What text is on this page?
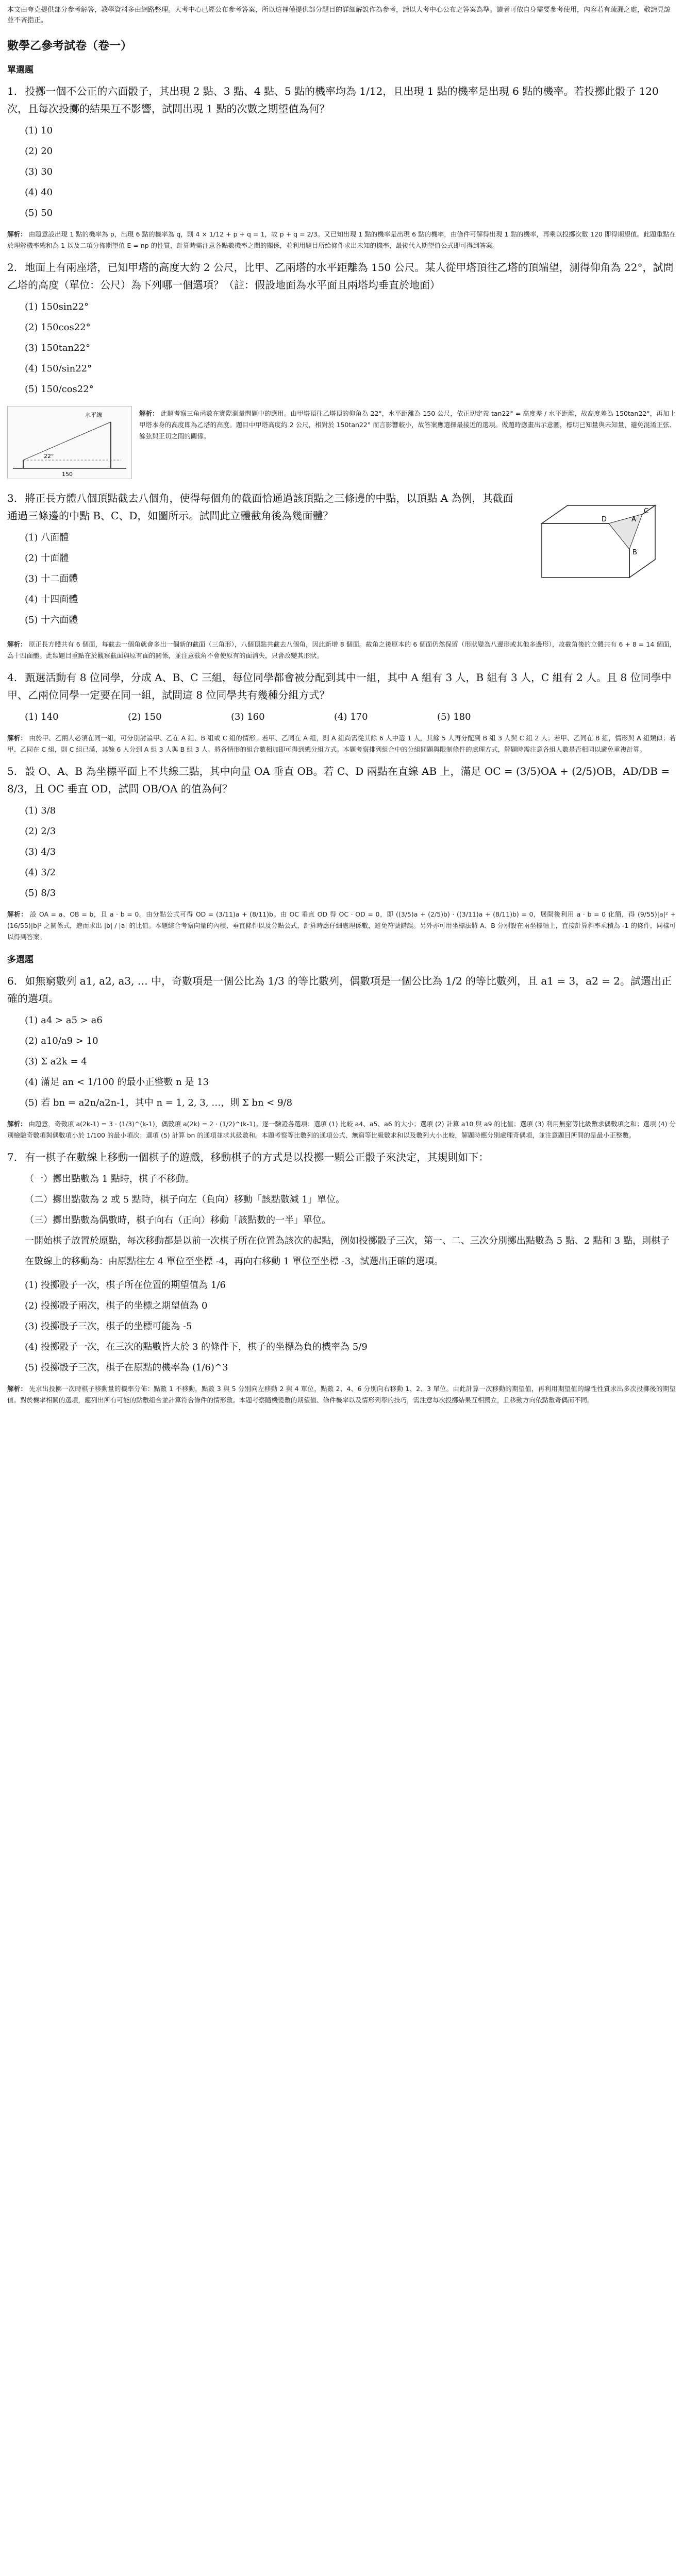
本文由夸克提供部分參考解答，教學資料多由網路整理。大考中心已經公布參考答案，所以這裡僅提供部分題目的詳細解說作為參考，請以大考中心公布之答案為準。讀者可依自身需要參考使用，內容若有疏漏之處，敬請見諒並不吝指正。
數學乙參考試卷（卷一）
單選題
1. 投擲一個不公正的六面骰子，其出現 2 點、3 點、4 點、5 點的機率均為 1/12，且出現 1 點的機率是出現 6 點的機率。若投擲此骰子 120 次，且每次投擲的結果互不影響，試問出現 1 點的次數之期望值為何？
(1) 10
(2) 20
(3) 30
(4) 40
(5) 50
解析： 由題意設出現 1 點的機率為 p，出現 6 點的機率為 q，則 4 × 1/12 + p + q = 1，故 p + q = 2/3。又已知出現 1 點的機率是出現 6 點的機率，由條件可解得出現 1 點的機率，再乘以投擲次數 120 即得期望值。此題重點在於理解機率總和為 1 以及二項分佈期望值 E = np 的性質，計算時需注意各點數機率之間的關係，並利用題目所給條件求出未知的機率，最後代入期望值公式即可得到答案。
2. 地面上有兩座塔，已知甲塔的高度大約 2 公尺，比甲、乙兩塔的水平距離為 150 公尺。某人從甲塔頂往乙塔的頂端望，測得仰角為 22°，試問乙塔的高度（單位：公尺）為下列哪一個選項？（註：假設地面為水平面且兩塔均垂直於地面）
(1) 150sin22°
(2) 150cos22°
(3) 150tan22°
(4) 150/sin22°
(5) 150/cos22°
22°
150
水平線	解析： 此題考察三角函數在實際測量問題中的應用。由甲塔頂往乙塔頂的仰角為 22°，水平距離為 150 公尺，依正切定義 tan22° = 高度差 / 水平距離，故高度差為 150tan22°，再加上甲塔本身的高度即為乙塔的高度。題目中甲塔高度約 2 公尺，相對於 150tan22° 而言影響較小，故答案應選擇最接近的選項。做題時應畫出示意圖，標明已知量與未知量，避免混淆正弦、餘弦與正切之間的關係。
3. 將正長方體八個頂點截去八個角，使得每個角的截面恰通過該頂點之三條邊的中點，以頂點 A 為例，其截面通過三條邊的中點 B、C、D，如圖所示。試問此立體截角後為幾面體？
(1) 八面體
(2) 十面體
(3) 十二面體
(4) 十四面體
(5) 十六面體
A
B
C
D
解析： 原正長方體共有 6 個面，每截去一個角就會多出一個新的截面（三角形），八個頂點共截去八個角，因此新增 8 個面。截角之後原本的 6 個面仍然保留（形狀變為八邊形或其他多邊形），故截角後的立體共有 6 + 8 = 14 個面，為十四面體。此類題目重點在於觀察截面與原有面的關係，並注意截角不會使原有的面消失，只會改變其形狀。
4. 甄選活動有 8 位同學，分成 A、B、C 三組，每位同學都會被分配到其中一組，其中 A 組有 3 人，B 組有 3 人，C 組有 2 人。且 8 位同學中甲、乙兩位同學一定要在同一組，試問這 8 位同學共有幾種分組方式？
(1) 140	(2) 150	(3) 160	(4) 170	(5) 180
解析： 由於甲、乙兩人必須在同一組，可分別討論甲、乙在 A 組、B 組或 C 組的情形。若甲、乙同在 A 組，則 A 組尚需從其餘 6 人中選 1 人，其餘 5 人再分配到 B 組 3 人與 C 組 2 人；若甲、乙同在 B 組，情形與 A 組類似；若甲、乙同在 C 組，則 C 組已滿，其餘 6 人分到 A 組 3 人與 B 組 3 人。將各情形的組合數相加即可得到總分組方式。本題考察排列組合中的分組問題與限制條件的處理方式，解題時需注意各組人數是否相同以避免重複計算。
5. 設 O、A、B 為坐標平面上不共線三點，其中向量 OA 垂直 OB。若 C、D 兩點在直線 AB 上，滿足 OC = (3/5)OA + (2/5)OB，AD/DB = 8/3，且 OC 垂直 OD，試問 OB/OA 的值為何？
(1) 3/8
(2) 2/3
(3) 4/3
(4) 3/2
(5) 8/3
解析： 設 OA = a、OB = b，且 a · b = 0。由分點公式可得 OD = (3/11)a + (8/11)b。由 OC 垂直 OD 得 OC · OD = 0，即 ((3/5)a + (2/5)b) · ((3/11)a + (8/11)b) = 0，展開後利用 a · b = 0 化簡，得 (9/55)|a|² + (16/55)|b|² 之關係式，進而求出 |b| / |a| 的比值。本題綜合考察向量的內積、垂直條件以及分點公式，計算時應仔細處理係數，避免符號錯誤。另外亦可用坐標法將 A、B 分別設在兩坐標軸上，直接計算斜率乘積為 -1 的條件，同樣可以得到答案。
多選題
6. 如無窮數列 a1, a2, a3, … 中，奇數項是一個公比為 1/3 的等比數列，偶數項是一個公比為 1/2 的等比數列，且 a1 = 3，a2 = 2。試選出正確的選項。
(1) a4 > a5 > a6
(2) a10/a9 > 10
(3) Σ a2k = 4
(4) 滿足 an < 1/100 的最小正整數 n 是 13
(5) 若 bn = a2n/a2n-1，其中 n = 1, 2, 3, …，則 Σ bn < 9/8
解析： 由題意，奇數項 a(2k-1) = 3 · (1/3)^(k-1)，偶數項 a(2k) = 2 · (1/2)^(k-1)。逐一驗證各選項：選項 (1) 比較 a4、a5、a6 的大小；選項 (2) 計算 a10 與 a9 的比值；選項 (3) 利用無窮等比級數求偶數項之和；選項 (4) 分別檢驗奇數項與偶數項小於 1/100 的最小項次；選項 (5) 計算 bn 的通項並求其級數和。本題考察等比數列的通項公式、無窮等比級數求和以及數列大小比較，解題時應分別處理奇偶項，並注意題目所問的是最小正整數。
7. 有一棋子在數線上移動一個棋子的遊戲，移動棋子的方式是以投擲一顆公正骰子來決定，其規則如下：
（一）擲出點數為 1 點時，棋子不移動。
（二）擲出點數為 2 或 5 點時，棋子向左（負向）移動「該點數減 1」單位。
（三）擲出點數為偶數時，棋子向右（正向）移動「該點數的一半」單位。
一開始棋子放置於原點，每次移動都是以前一次棋子所在位置為該次的起點，例如投擲骰子三次，第一、二、三次分別擲出點數為 5 點、2 點和 3 點，則棋子在數線上的移動為：由原點往左 4 單位至坐標 -4，再向右移動 1 單位至坐標 -3，試選出正確的選項。
(1) 投擲骰子一次，棋子所在位置的期望值為 1/6
(2) 投擲骰子兩次，棋子的坐標之期望值為 0
(3) 投擲骰子三次，棋子的坐標可能為 -5
(4) 投擲骰子一次，在三次的點數皆大於 3 的條件下，棋子的坐標為負的機率為 5/9
(5) 投擲骰子三次，棋子在原點的機率為 (1/6)^3
解析： 先求出投擲一次時棋子移動量的機率分佈：點數 1 不移動，點數 3 與 5 分別向左移動 2 與 4 單位，點數 2、4、6 分別向右移動 1、2、3 單位。由此計算一次移動的期望值，再利用期望值的線性性質求出多次投擲後的期望值。對於機率相關的選項，應列出所有可能的點數組合並計算符合條件的情形數。本題考察隨機變數的期望值、條件機率以及情形列舉的技巧，需注意每次投擲結果互相獨立，且移動方向依點數奇偶而不同。
